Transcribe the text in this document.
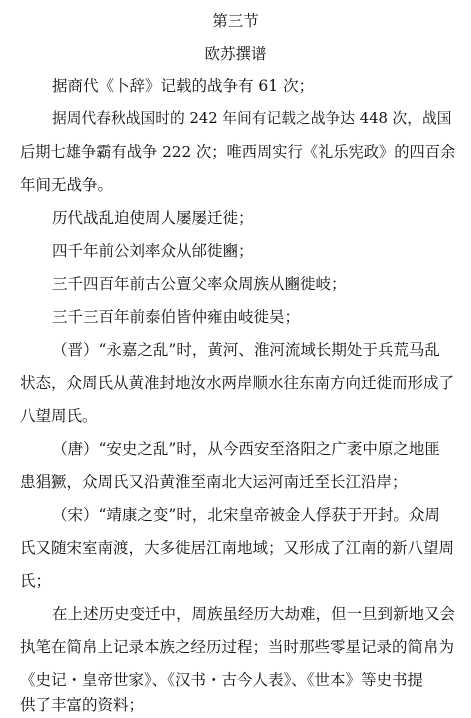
第三节
欧苏撰谱
据商代《卜辞》记载的战争有 61 次；
据周代春秋战国时的 242 年间有记载之战争达 448 次，战国
后期七雄争霸有战争 222 次；唯西周实行《礼乐宪政》的四百余
年间无战争。
历代战乱迫使周人屡屡迁徙；
四千年前公刘率众从邰徙豳；
三千四百年前古公亶父率众周族从豳徙岐；
三千三百年前泰伯皆仲雍由岐徙吴；
（晋）“永嘉之乱”时，黄河、淮河流域长期处于兵荒马乱
状态，众周氏从黄准封地汝水两岸顺水往东南方向迁徙而形成了
八望周氏。
（唐）“安史之乱”时，从今西安至洛阳之广袤中原之地匪
患猖獗，众周氏又沿黄淮至南北大运河南迁至长江沿岸；
（宋）“靖康之变”时，北宋皇帝被金人俘获于开封。众周
氏又随宋室南渡，大多徙居江南地域；又形成了江南的新八望周
氏；
在上述历史变迁中，周族虽经历大劫难，但一旦到新地又会
执笔在简帛上记录本族之经历过程；当时那些零星记录的简帛为
《史记・皇帝世家》、《汉书・古今人表》、《世本》等史书提
供了丰富的资料；
